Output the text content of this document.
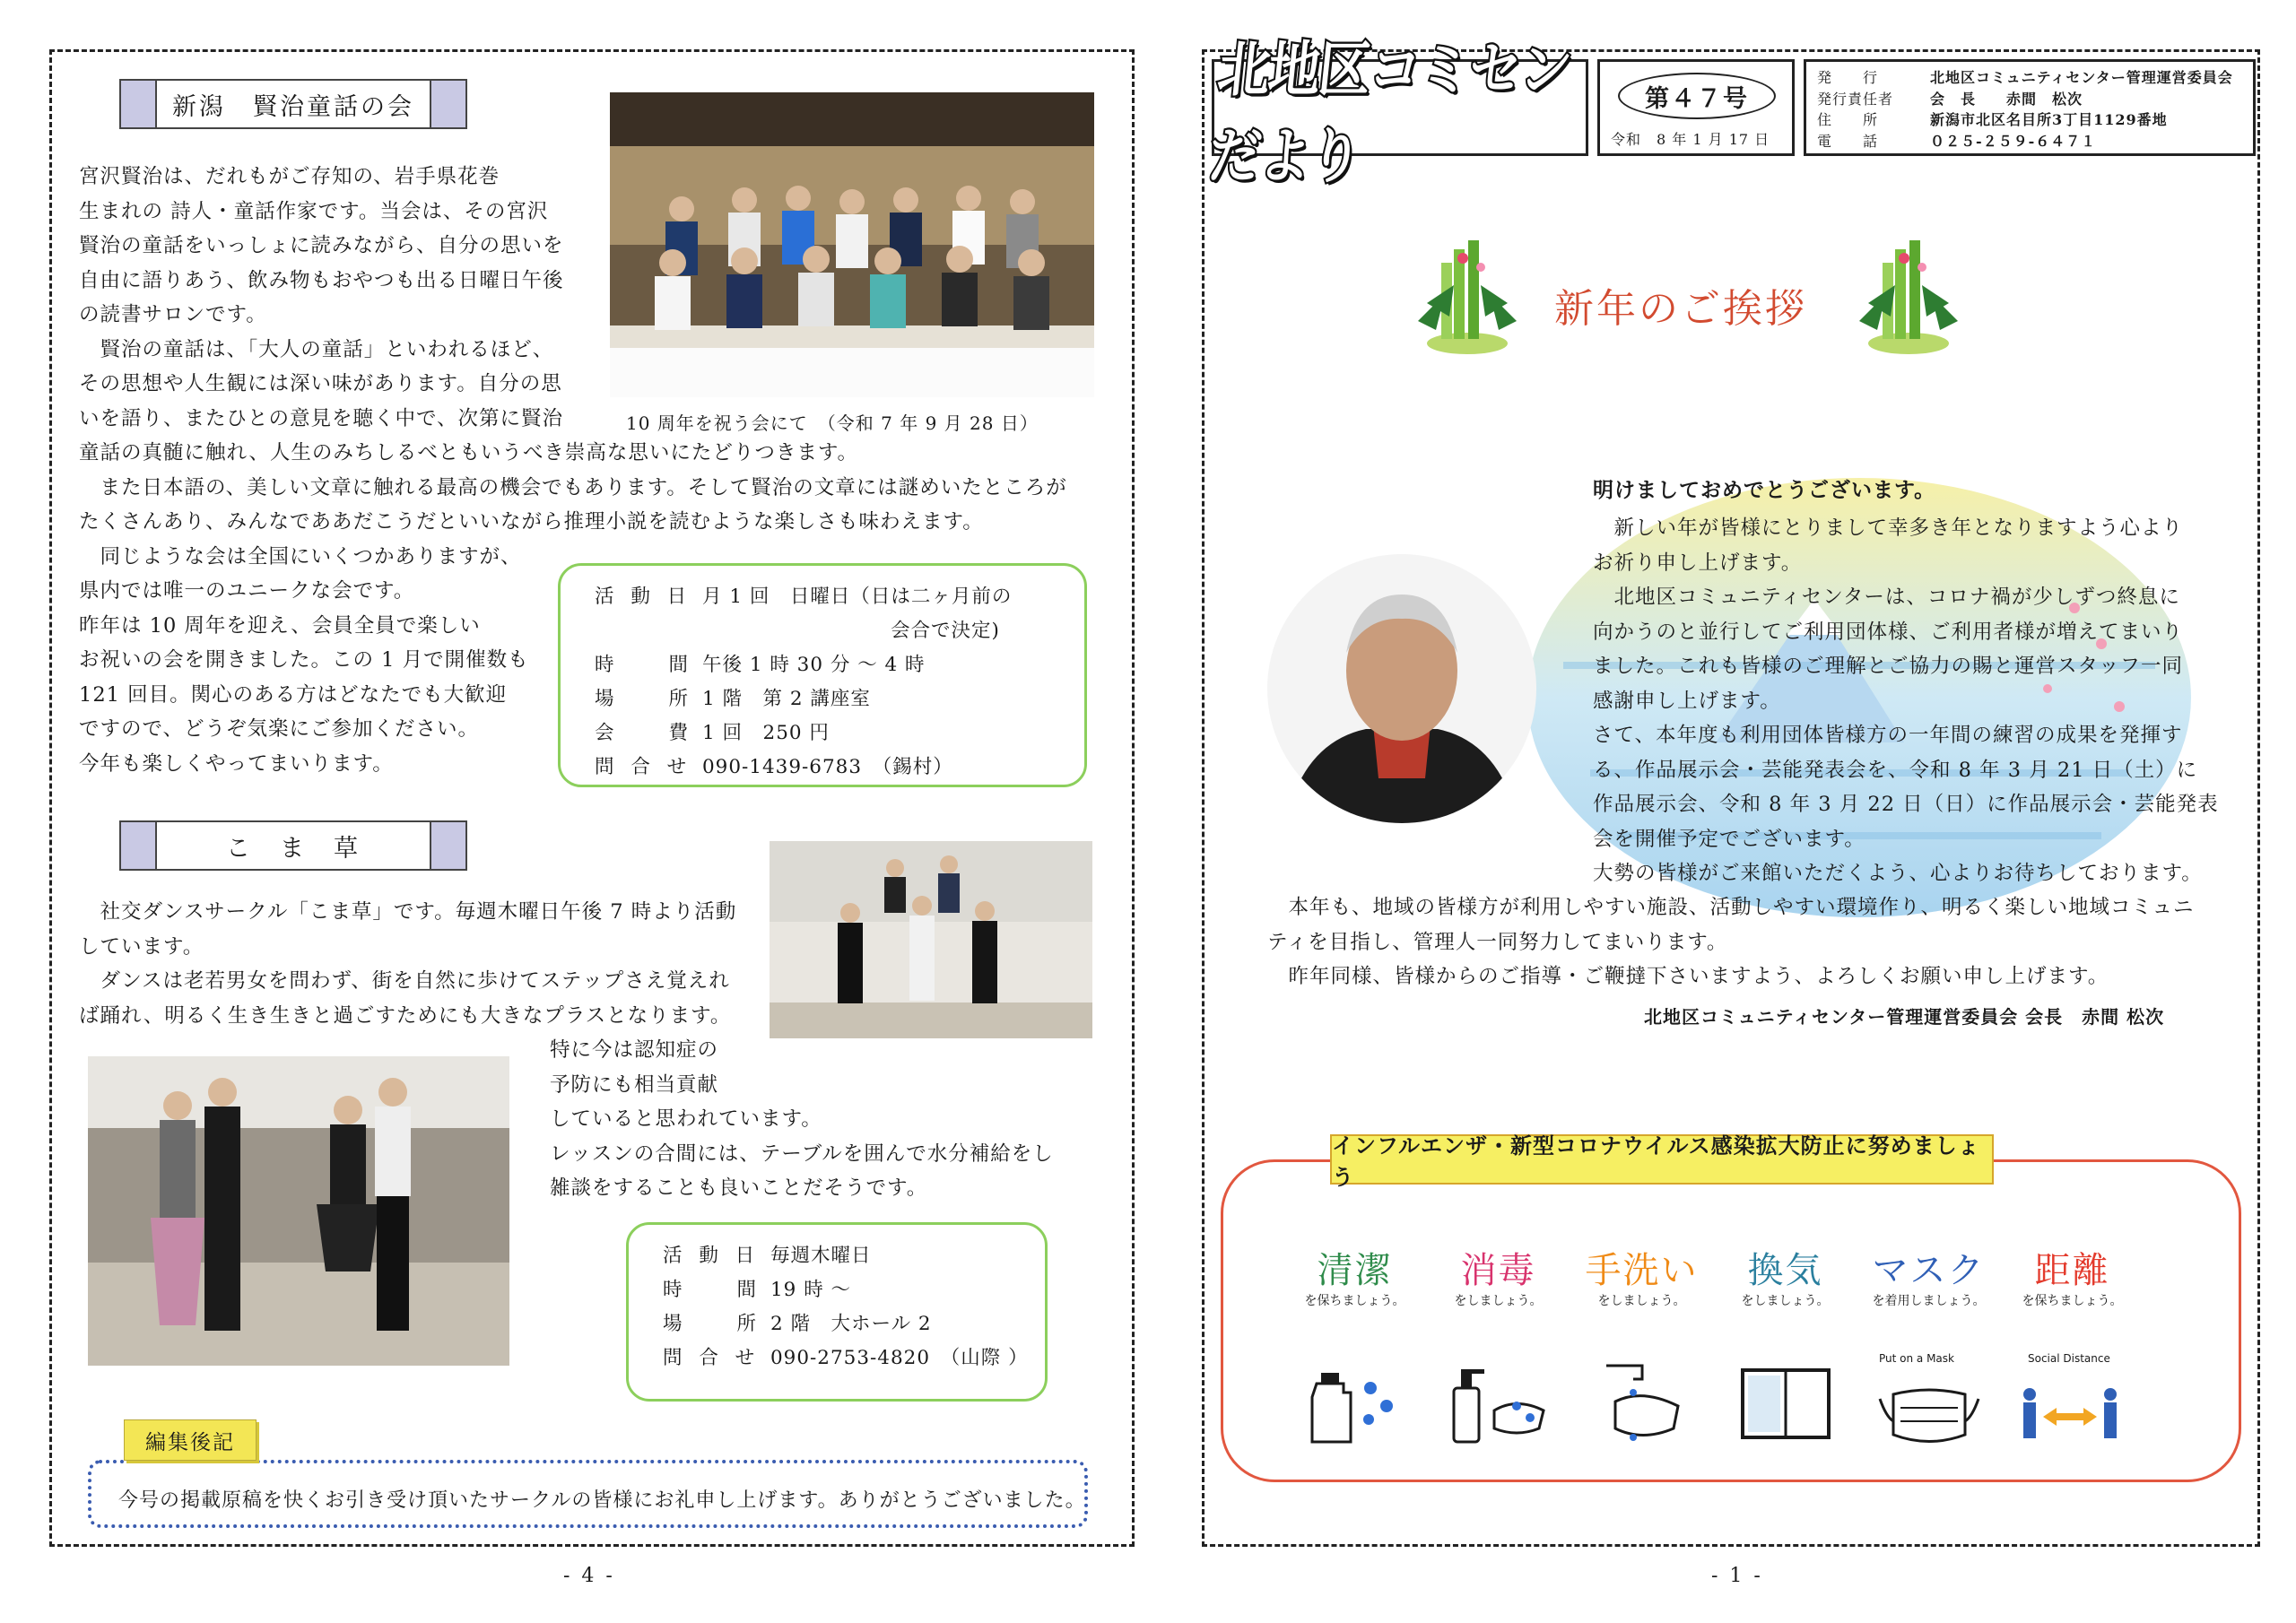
新潟　賢治童話の会
宮沢賢治は、だれもがご存知の、岩手県花巻
生まれの 詩人・童話作家です。当会は、その宮沢
賢治の童話をいっしょに読みながら、自分の思いを
自由に語りあう、飲み物もおやつも出る日曜日午後
の読書サロンです。
　賢治の童話は、「大人の童話」といわれるほど、
その思想や人生観には深い味があります。自分の思
いを語り、またひとの意見を聴く中で、次第に賢治
童話の真髄に触れ、人生のみちしるべともいうべき崇高な思いにたどりつきます。
　また日本語の、美しい文章に触れる最高の機会でもあります。そして賢治の文章には謎めいたところが
たくさんあり、みんなでああだこうだといいながら推理小説を読むような楽しさも味わえます。
　同じような会は全国にいくつかありますが、
県内では唯一のユニークな会です。
昨年は 10 周年を迎え、会員全員で楽しい
お祝いの会を開きました。この 1 月で開催数も
121 回目。関心のある方はどなたでも大歓迎
ですので、どうぞ気楽にご参加ください。
今年も楽しくやってまいります。
10 周年を祝う会にて　（令和 7 年 9 月 28 日）
活 動 日 月 1 回　日曜日（日は二ヶ月前の
会合で決定)
時　　間 午後 1 時 30 分 ～ 4 時
場　　所 1 階　第 2 講座室
会　　費 1 回　250 円
問 合 せ 090-1439-6783　（錫村）
こ　ま　草
　社交ダンスサークル「こま草」です。毎週木曜日午後 7 時より活動
しています。
　ダンスは老若男女を問わず、街を自然に歩けてステップさえ覚えれ
ば踊れ、明るく生き生きと過ごすためにも大きなプラスとなります。
特に今は認知症の
予防にも相当貢献
していると思われています。
レッスンの合間には、テーブルを囲んで水分補給をし
雑談をすることも良いことだそうです。
活 動 日 毎週木曜日
時　　間 19 時 ～
場　　所 2 階　大ホール 2
問 合 せ 090-2753-4820　（山際 ）
今号の掲載原稿を快くお引き受け頂いたサークルの皆様にお礼申し上げます。ありがとうございました。
編集後記
- 4 -
北地区コミセンだより
第４７号
令和　8 年 1 月 17 日
発　　行	北地区コミュニティセンター管理運営委員会
発行責任者	会　長　　赤間　松次
住　　所	新潟市北区名目所3丁目1129番地
電　　話	０２５-２５９-６４７１
新年のご挨拶
明けましておめでとうございます。
　新しい年が皆様にとりまして幸多き年となりますよう心より
お祈り申し上げます。
　北地区コミュニティセンターは、コロナ禍が少しずつ終息に
向かうのと並行してご利用団体様、ご利用者様が増えてまいり
ました。これも皆様のご理解とご協力の賜と運営スタッフ一同
感謝申し上げます。
さて、本年度も利用団体皆様方の一年間の練習の成果を発揮す
る、作品展示会・芸能発表会を、令和 8 年 3 月 21 日（土）に
作品展示会、令和 8 年 3 月 22 日（日）に作品展示会・芸能発表
会を開催予定でございます。
大勢の皆様がご来館いただくよう、心よりお待ちしております。
　本年も、地域の皆様方が利用しやすい施設、活動しやすい環境作り、明るく楽しい地域コミュニ
ティを目指し、管理人一同努力してまいります。
　昨年同様、皆様からのご指導・ご鞭撻下さいますよう、よろしくお願い申し上げます。
北地区コミュニティセンター管理運営委員会 会長　赤間 松次
インフルエンザ・新型コロナウイルス感染拡大防止に努めましょう
清潔
を保ちましょう。
消毒
をしましょう。
手洗い
をしましょう。
換気
をしましょう。
マスク
を着用しましょう。
距離
を保ちましょう。
Put on a Mask	Social Distance
- 1 -
